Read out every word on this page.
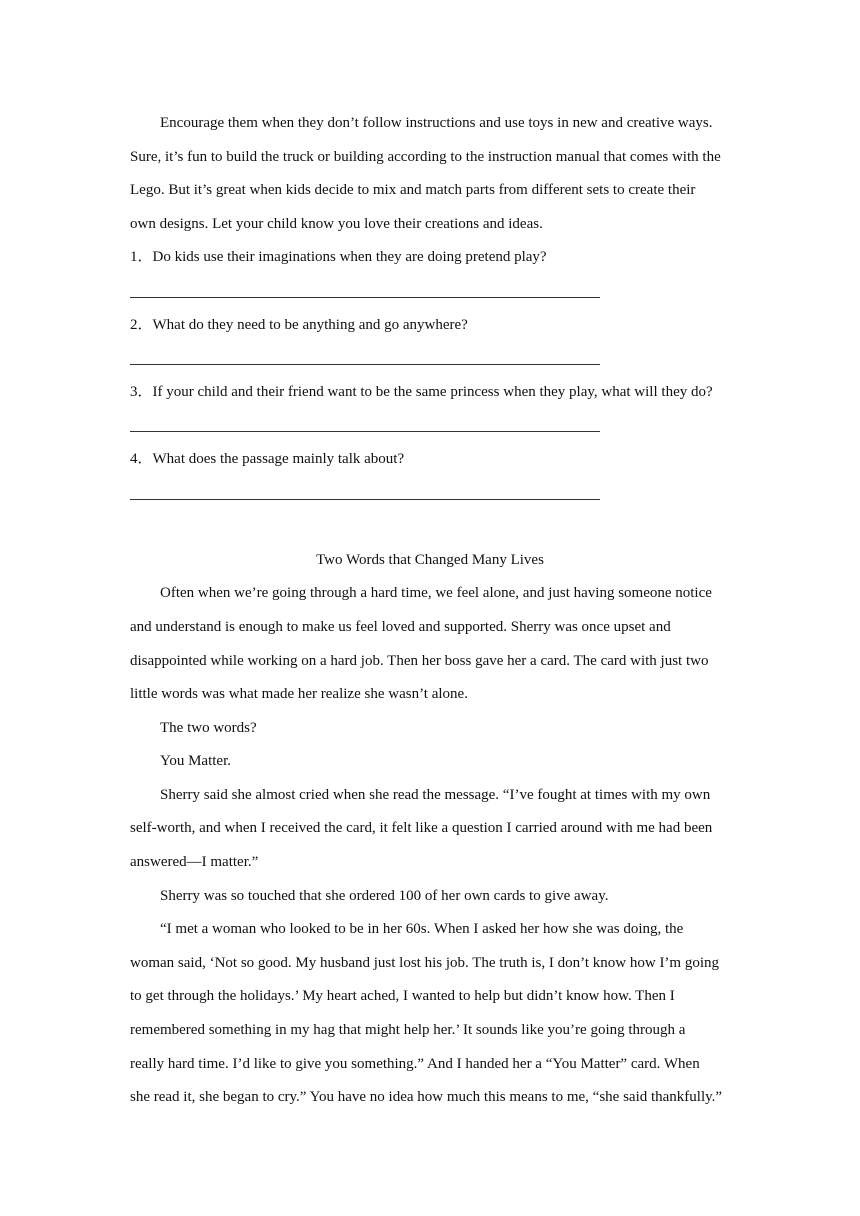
Encourage them when they don’t follow instructions and use toys in new and creative ways.

Sure, it’s fun to build the truck or building according to the instruction manual that comes with the

Lego. But it’s great when kids decide to mix and match parts from different sets to create their

own designs. Let your child know you love their creations and ideas.

1．Do kids use their imaginations when they are doing pretend play?

2．What do they need to be anything and go anywhere?

3．If your child and their friend want to be the same princess when they play, what will they do?

4．What does the passage mainly talk about?

Two Words that Changed Many Lives

Often when we’re going through a hard time, we feel alone, and just having someone notice

and understand is enough to make us feel loved and supported. Sherry was once upset and

disappointed while working on a hard job. Then her boss gave her a card. The card with just two

little words was what made her realize she wasn’t alone.

The two words?

You Matter.

Sherry said she almost cried when she read the message. “I’ve fought at times with my own

self-worth, and when I received the card, it felt like a question I carried around with me had been

answered—I matter.”

Sherry was so touched that she ordered 100 of her own cards to give away.

“I met a woman who looked to be in her 60s. When I asked her how she was doing, the

woman said, ‘Not so good. My husband just lost his job. The truth is, I don’t know how I’m going

to get through the holidays.’ My heart ached, I wanted to help but didn’t know how. Then I

remembered something in my hag that might help her.’ It sounds like you’re going through a

really hard time. I’d like to give you something.” And I handed her a “You Matter” card. When

she read it, she began to cry.” You have no idea how much this means to me, “she said thankfully.”
